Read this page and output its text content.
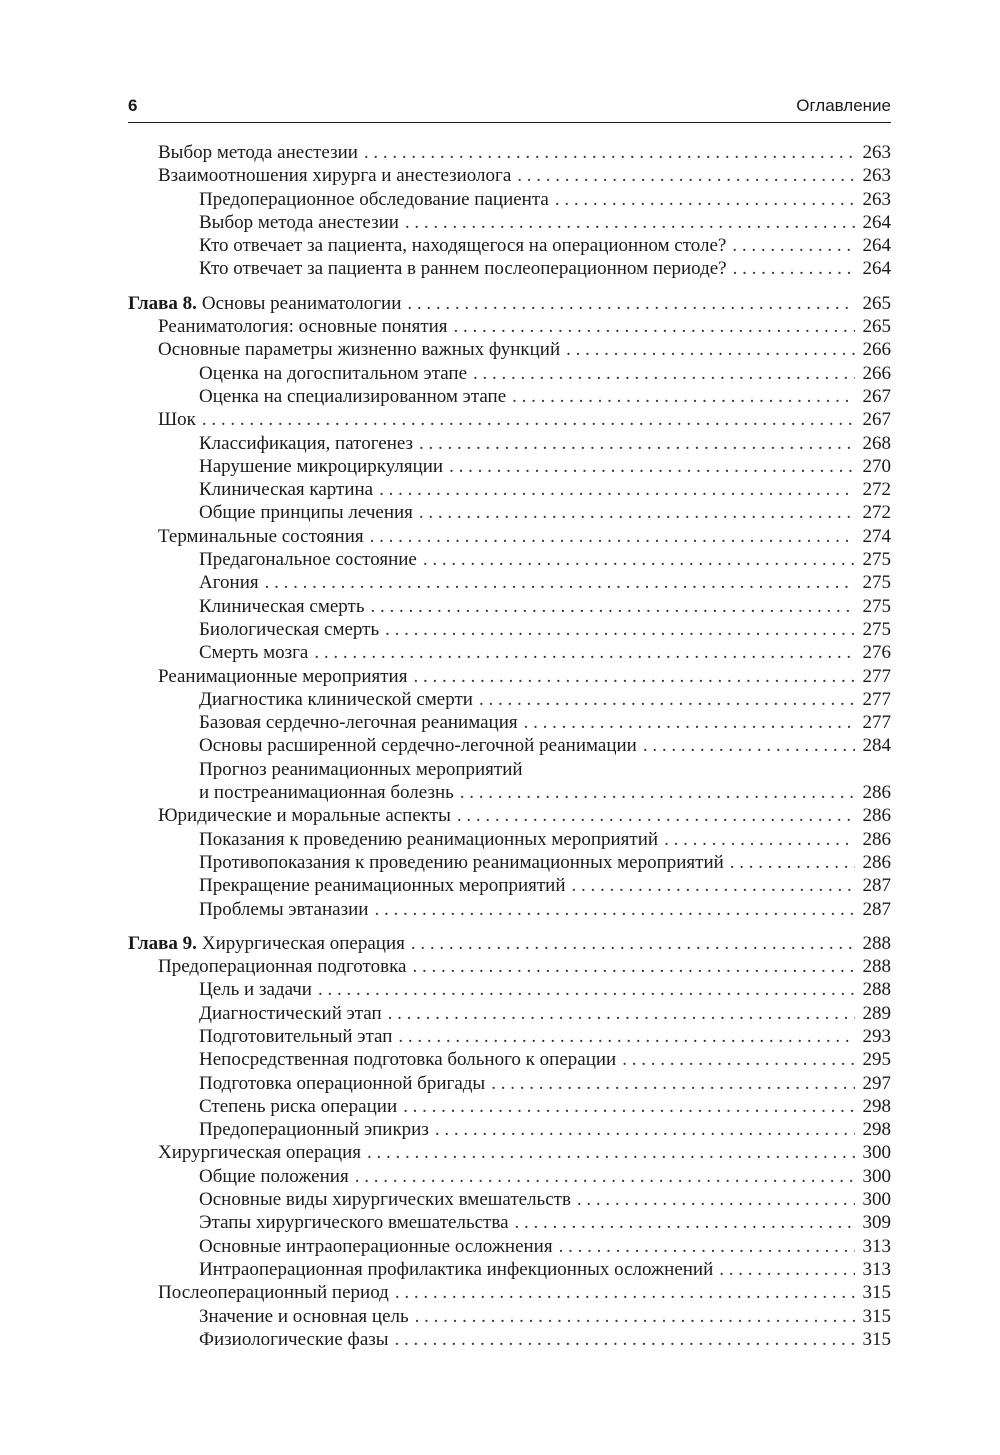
6	Оглавление
Выбор метода анестезии . . .	263
Взаимоотношения хирурга и анестезиолога . . .	263
Предоперационное обследование пациента . . .	263
Выбор метода анестезии . . .	264
Кто отвечает за пациента, находящегося на операционном столе? . . .	264
Кто отвечает за пациента в раннем послеоперационном периоде? . . .	264
Глава 8. Основы реаниматологии . . .	265
Реаниматология: основные понятия . . .	265
Основные параметры жизненно важных функций . . .	266
Оценка на догоспитальном этапе . . .	266
Оценка на специализированном этапе . . .	267
Шок . . .	267
Классификация, патогенез . . .	268
Нарушение микроциркуляции . . .	270
Клиническая картина . . .	272
Общие принципы лечения . . .	272
Терминальные состояния . . .	274
Предагональное состояние . . .	275
Агония . . .	275
Клиническая смерть . . .	275
Биологическая смерть . . .	275
Смерть мозга . . .	276
Реанимационные мероприятия . . .	277
Диагностика клинической смерти . . .	277
Базовая сердечно-легочная реанимация . . .	277
Основы расширенной сердечно-легочной реанимации . . .	284
Прогноз реанимационных мероприятий
и постреанимационная болезнь . . .	286
Юридические и моральные аспекты . . .	286
Показания к проведению реанимационных мероприятий . . .	286
Противопоказания к проведению реанимационных мероприятий . . .	286
Прекращение реанимационных мероприятий . . .	287
Проблемы эвтаназии . . .	287
Глава 9. Хирургическая операция . . .	288
Предоперационная подготовка . . .	288
Цель и задачи . . .	288
Диагностический этап . . .	289
Подготовительный этап . . .	293
Непосредственная подготовка больного к операции . . .	295
Подготовка операционной бригады . . .	297
Степень риска операции . . .	298
Предоперационный эпикриз . . .	298
Хирургическая операция . . .	300
Общие положения . . .	300
Основные виды хирургических вмешательств . . .	300
Этапы хирургического вмешательства . . .	309
Основные интраоперационные осложнения . . .	313
Интраоперационная профилактика инфекционных осложнений . . .	313
Послеоперационный период . . .	315
Значение и основная цель . . .	315
Физиологические фазы . . .	315
